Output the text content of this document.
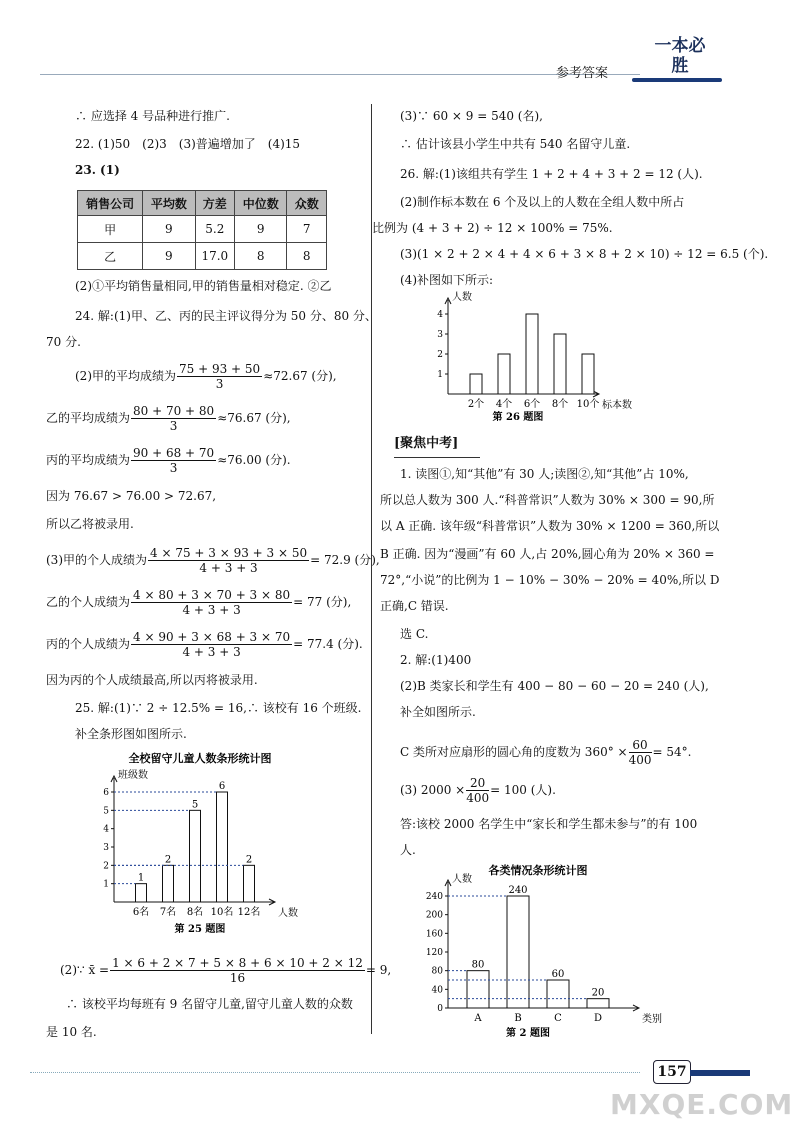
参考答案
一本必胜
∴ 应选择 4 号品种进行推广.
22. (1)50　(2)3　(3)普遍增加了　(4)15
23. (1)
销售公司	平均数	方差	中位数	众数
甲	9	5.2	9	7
乙	9	17.0	8	8
(2)①平均销售量相同,甲的销售量相对稳定. ②乙
24. 解:(1)甲、乙、丙的民主评议得分为 50 分、80 分、
70 分.
(2)甲的平均成绩为 $\frac{75 + 93 + 50}{3} \approx 72.67$ (分),
乙的平均成绩为 $\frac{80 + 70 + 80}{3} \approx 76.67$ (分),
丙的平均成绩为 $\frac{90 + 68 + 70}{3} \approx 76.00$ (分).
因为 76.67 > 76.00 > 72.67,
所以乙将被录用.
(3)甲的个人成绩为 $\frac{4 \times 75 + 3 \times 93 + 3 \times 50}{4 + 3 + 3} = 72.9$ (分),
乙的个人成绩为 $\frac{4 \times 80 + 3 \times 70 + 3 \times 80}{4 + 3 + 3} = 77$ (分),
丙的个人成绩为 $\frac{4 \times 90 + 3 \times 68 + 3 \times 70}{4 + 3 + 3} = 77.4$ (分).
因为丙的个人成绩最高,所以丙将被录用.
25. 解:(1)∵ 2 ÷ 12.5% = 16,∴ 该校有 16 个班级.
补全条形图如图所示.
全校留守儿童人数条形统计图
班级数
人数
1
2
3
4
5
6
1
6名
2
7名
5
8名
6
10名
2
12名
第 25 题图
(2)∵ x̄ = $\frac{1 \times 6 + 2 \times 7 + 5 \times 8 + 6 \times 10 + 2 \times 12}{16} = 9$,
∴ 该校平均每班有 9 名留守儿童,留守儿童人数的众数
是 10 名.
(3)∵ 60 × 9 = 540 (名),
∴ 估计该县小学生中共有 540 名留守儿童.
26. 解:(1)该组共有学生 1 + 2 + 4 + 3 + 2 = 12 (人).
(2)制作标本数在 6 个及以上的人数在全组人数中所占
比例为 (4 + 3 + 2) ÷ 12 × 100% = 75%.
(3)(1 × 2 + 2 × 4 + 4 × 6 + 3 × 8 + 2 × 10) ÷ 12 = 6.5 (个).
(4)补图如下所示:
人数
标本数
1
2
3
4
2个 4个 6个 8个 10个
第 26 题图
[聚焦中考]
1. 读图①,知“其他”有 30 人;读图②,知“其他”占 10%,
所以总人数为 300 人.“科普常识”人数为 30% × 300 = 90,所
以 A 正确. 该年级“科普常识”人数为 30% × 1200 = 360,所以
B 正确. 因为“漫画”有 60 人,占 20%,圆心角为 20% × 360 =
72°,“小说”的比例为 1 − 10% − 30% − 20% = 40%,所以 D
正确,C 错误.
选 C.
2. 解:(1)400
(2)B 类家长和学生有 400 − 80 − 60 − 20 = 240 (人),
补全如图所示.
C 类所对应扇形的圆心角的度数为 $360^\circ \times \frac{60}{400} = 54^\circ$.
(3) $2000 \times \frac{20}{400} = 100$ (人).
答:该校 2000 名学生中“家长和学生都未参与”的有 100
人.
各类情况条形统计图
人数
类别
0
40
80
120
160
200
240
80
A
240
B
60
C
20
D
第 2 题图
157
MXQE.COM
